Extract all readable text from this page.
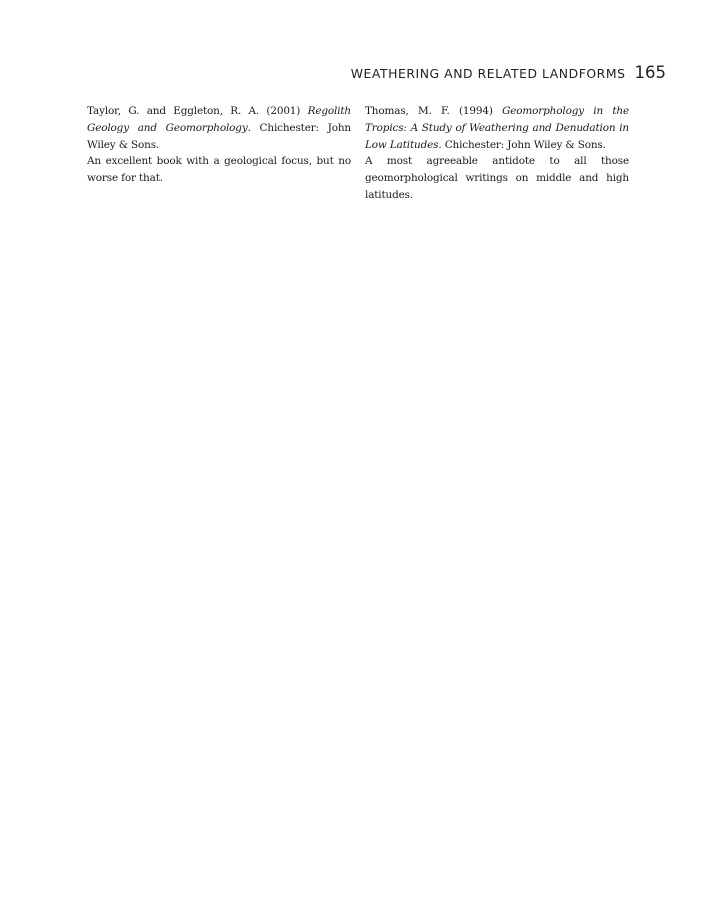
WEATHERING AND RELATED LANDFORMS 165

Taylor, G. and Eggleton, R. A. (2001) Regolith Geology and Geomorphology. Chichester: John Wiley & Sons.

An excellent book with a geological focus, but no worse for that.

Thomas, M. F. (1994) Geomorphology in the Tropics: A Study of Weathering and Denudation in Low Latitudes. Chichester: John Wiley & Sons.

A most agreeable antidote to all those geomorphological writings on middle and high latitudes.
